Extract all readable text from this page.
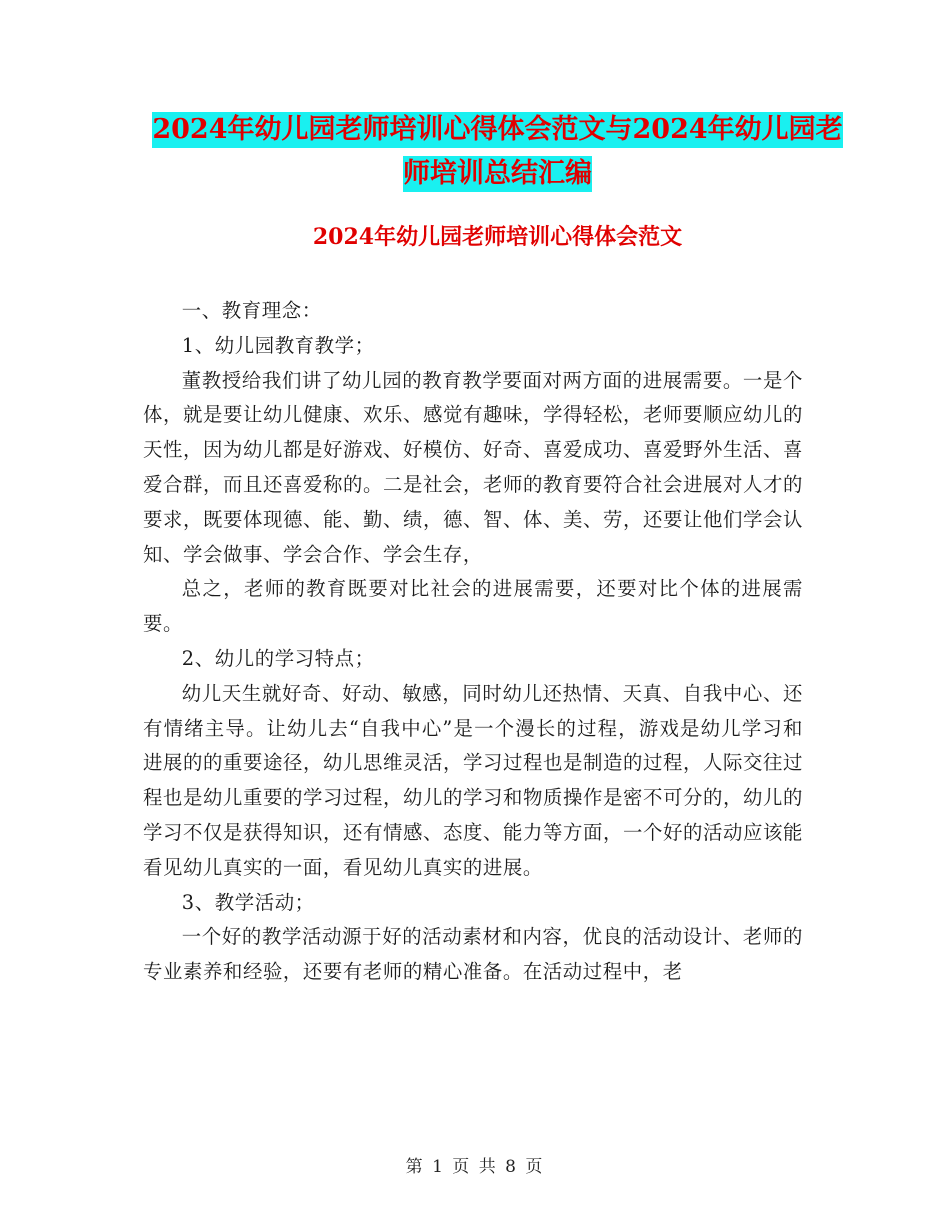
2024年幼儿园老师培训心得体会范文与2024年幼儿园老师培训总结汇编
2024年幼儿园老师培训心得体会范文

一、教育理念：

1、幼儿园教育教学；

董教授给我们讲了幼儿园的教育教学要面对两方面的进展需要。一是个体，就是要让幼儿健康、欢乐、感觉有趣味，学得轻松，老师要顺应幼儿的天性，因为幼儿都是好游戏、好模仿、好奇、喜爱成功、喜爱野外生活、喜爱合群，而且还喜爱称的。二是社会，老师的教育要符合社会进展对人才的要求，既要体现德、能、勤、绩，德、智、体、美、劳，还要让他们学会认知、学会做事、学会合作、学会生存，

总之，老师的教育既要对比社会的进展需要，还要对比个体的进展需要。

2、幼儿的学习特点；

幼儿天生就好奇、好动、敏感，同时幼儿还热情、天真、自我中心、还有情绪主导。让幼儿去“自我中心”是一个漫长的过程，游戏是幼儿学习和进展的的重要途径，幼儿思维灵活，学习过程也是制造的过程，人际交往过程也是幼儿重要的学习过程，幼儿的学习和物质操作是密不可分的，幼儿的学习不仅是获得知识，还有情感、态度、能力等方面，一个好的活动应该能看见幼儿真实的一面，看见幼儿真实的进展。

3、教学活动；

一个好的教学活动源于好的活动素材和内容，优良的活动设计、老师的专业素养和经验，还要有老师的精心准备。在活动过程中，老

第 1 页 共 8 页
